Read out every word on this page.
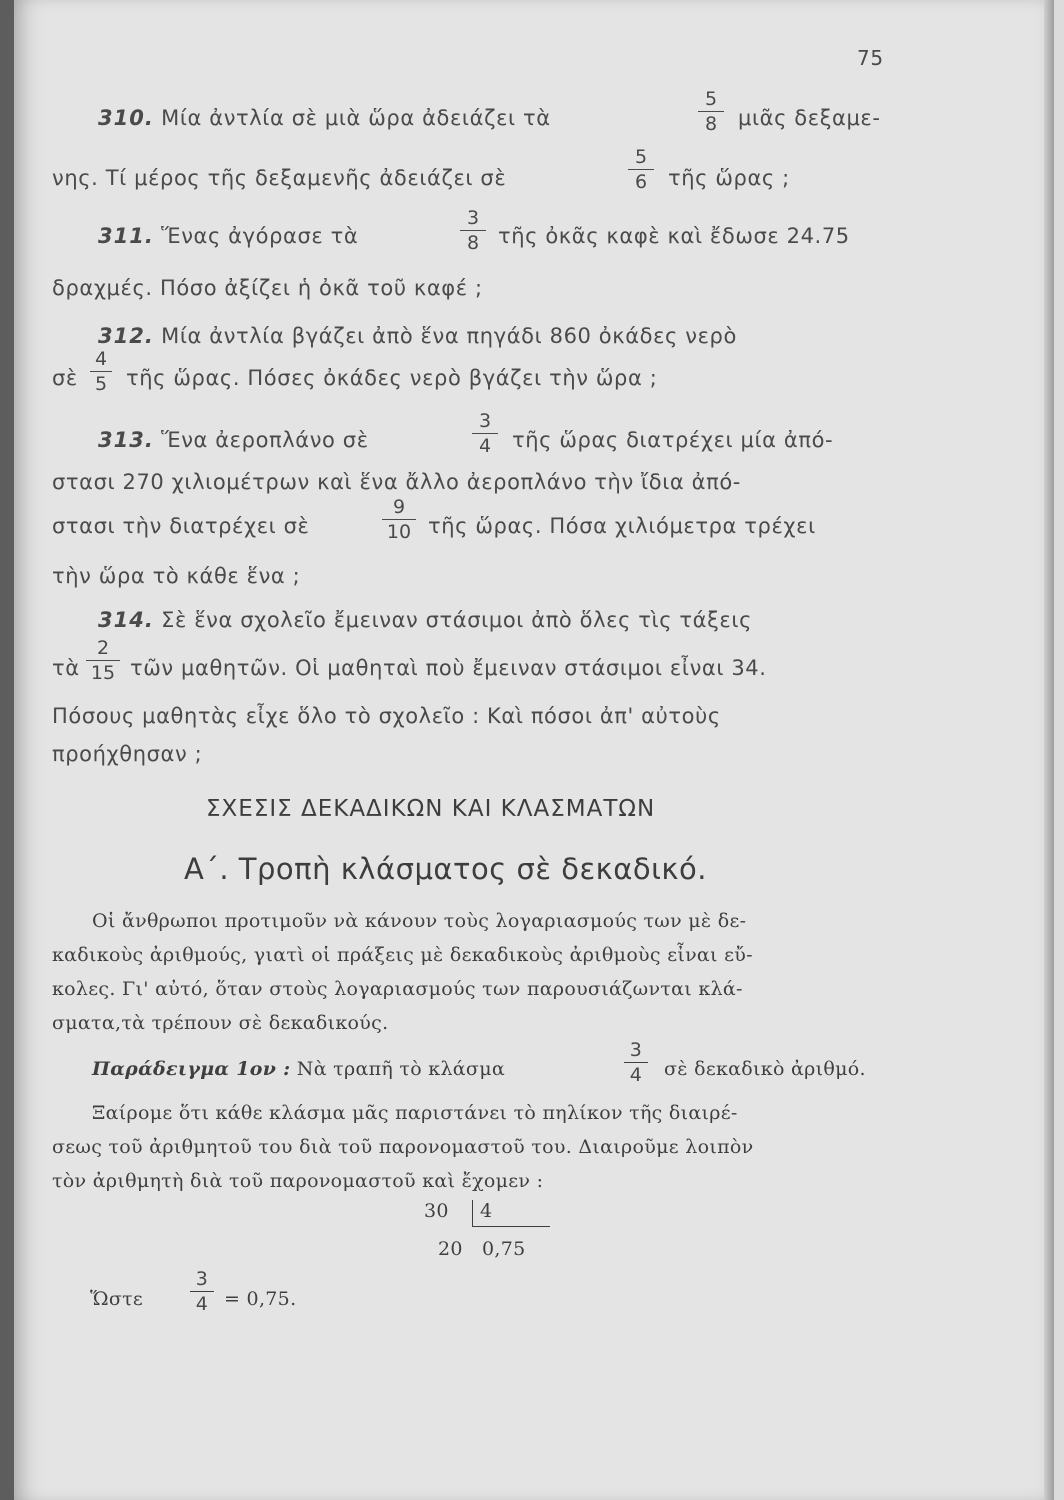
75
310. Μία ἀντλία σὲ μιὰ ὥρα ἀδειάζει τὰ
5
8 μιᾶς δεξαμε-
νης. Τί μέρος τῆς δεξαμενῆς ἀδειάζει σὲ
5
6 τῆς ὥρας ;
311. Ἕνας ἀγόρασε τὰ
3
8 τῆς ὀκᾶς καφὲ καὶ ἔδωσε 24.75
δραχμές. Πόσο ἀξίζει ἡ ὀκᾶ τοῦ καφέ ;
312. Μία ἀντλία βγάζει ἀπὸ ἕνα πηγάδι 860 ὀκάδες νερὸ
σὲ
4
5 τῆς ὥρας. Πόσες ὀκάδες νερὸ βγάζει τὴν ὥρα ;
313. Ἕνα ἀεροπλάνο σὲ
3
4 τῆς ὥρας διατρέχει μία ἀπό-
στασι 270 χιλιομέτρων καὶ ἕνα ἄλλο ἀεροπλάνο τὴν ἴδια ἀπό-
στασι τὴν διατρέχει σὲ
9
10 τῆς ὥρας. Πόσα χιλιόμετρα τρέχει
τὴν ὥρα τὸ κάθε ἕνα ;
314. Σὲ ἕνα σχολεῖο ἔμειναν στάσιμοι ἀπὸ ὅλες τὶς τάξεις
τὰ
2
15 τῶν μαθητῶν. Οἱ μαθηταὶ ποὺ ἔμειναν στάσιμοι εἶναι 34.
Πόσους μαθητὰς εἶχε ὅλο τὸ σχολεῖο : Καὶ πόσοι ἀπ' αὐτοὺς
προήχθησαν ;
ΣΧΕΣΙΣ ΔΕΚΑΔΙΚΩΝ ΚΑΙ ΚΛΑΣΜΑΤΩΝ
Α΄. Τροπὴ κλάσματος σὲ δεκαδικό.
Οἱ ἄνθρωποι προτιμοῦν νὰ κάνουν τοὺς λογαριασμούς των μὲ δε-
καδικοὺς ἀριθμούς, γιατὶ οἱ πράξεις μὲ δεκαδικοὺς ἀριθμοὺς εἶναι εὔ-
κολες. Γι' αὐτό, ὅταν στοὺς λογαριασμούς των παρουσιάζωνται κλά-
σματα,τὰ τρέπουν σὲ δεκαδικούς.
Παράδειγμα 1ον : Νὰ τραπῆ τὸ κλάσμα
3
4	σὲ δεκαδικὸ ἀριθμό.
Ξαίρομε ὅτι κάθε κλάσμα μᾶς παριστάνει τὸ πηλίκον τῆς διαιρέ-
σεως τοῦ ἀριθμητοῦ του διὰ τοῦ παρονομαστοῦ του. Διαιροῦμε λοιπὸν
τὸν ἀριθμητὴ διὰ τοῦ παρονομαστοῦ καὶ ἔχομεν :
30 4
20 0,75
Ὥστε
3
4 = 0,75.
